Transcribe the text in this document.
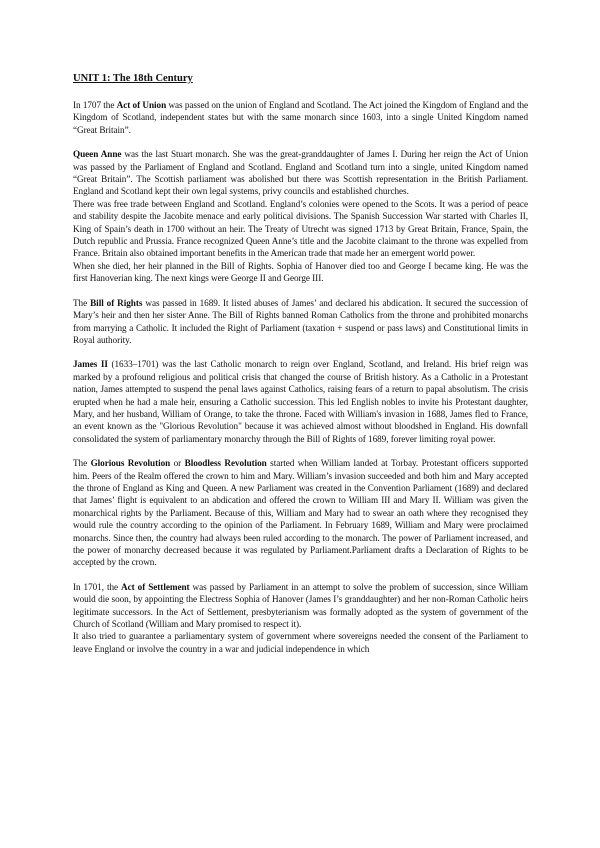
UNIT 1: The 18th Century

In 1707 the Act of Union was passed on the union of England and Scotland. The Act joined the Kingdom of England and the Kingdom of Scotland, independent states but with the same monarch since 1603, into a single United Kingdom named “Great Britain”.

Queen Anne was the last Stuart monarch. She was the great-granddaughter of James I. During her reign the Act of Union was passed by the Parliament of England and Scotland. England and Scotland turn into a single, united Kingdom named “Great Britain”. The Scottish parliament was abolished but there was Scottish representation in the British Parliament. England and Scotland kept their own legal systems, privy councils and established churches.

There was free trade between England and Scotland. England’s colonies were opened to the Scots. It was a period of peace and stability despite the Jacobite menace and early political divisions. The Spanish Succession War started with Charles II, King of Spain’s death in 1700 without an heir. The Treaty of Utrecht was signed 1713 by Great Britain, France, Spain, the Dutch republic and Prussia. France recognized Queen Anne’s title and the Jacobite claimant to the throne was expelled from France. Britain also obtained important benefits in the American trade that made her an emergent world power.

When she died, her heir planned in the Bill of Rights. Sophia of Hanover died too and George I became king. He was the first Hanoverian king. The next kings were George II and George III.

The Bill of Rights was passed in 1689. It listed abuses of James’ and declared his abdication. It secured the succession of Mary’s heir and then her sister Anne. The Bill of Rights banned Roman Catholics from the throne and prohibited monarchs from marrying a Catholic. It included the Right of Parliament (taxation + suspend or pass laws) and Constitutional limits in Royal authority.

James II (1633–1701) was the last Catholic monarch to reign over England, Scotland, and Ireland. His brief reign was marked by a profound religious and political crisis that changed the course of British history. As a Catholic in a Protestant nation, James attempted to suspend the penal laws against Catholics, raising fears of a return to papal absolutism. The crisis erupted when he had a male heir, ensuring a Catholic succession. This led English nobles to invite his Protestant daughter, Mary, and her husband, William of Orange, to take the throne. Faced with William's invasion in 1688, James fled to France, an event known as the "Glorious Revolution" because it was achieved almost without bloodshed in England. His downfall consolidated the system of parliamentary monarchy through the Bill of Rights of 1689, forever limiting royal power.

The Glorious Revolution or Bloodless Revolution started when William landed at Torbay. Protestant officers supported him. Peers of the Realm offered the crown to him and Mary. William’s invasion succeeded and both him and Mary accepted the throne of England as King and Queen. A new Parliament was created in the Convention Parliament (1689) and declared that James’ flight is equivalent to an abdication and offered the crown to William III and Mary II. William was given the monarchical rights by the Parliament. Because of this, William and Mary had to swear an oath where they recognised they would rule the country according to the opinion of the Parliament. In February 1689, William and Mary were proclaimed monarchs. Since then, the country had always been ruled according to the monarch. The power of Parliament increased, and the power of monarchy decreased because it was regulated by Parliament.Parliament drafts a Declaration of Rights to be accepted by the crown.

In 1701, the Act of Settlement was passed by Parliament in an attempt to solve the problem of succession, since William would die soon, by appointing the Electress Sophia of Hanover (James I’s granddaughter) and her non-Roman Catholic heirs legitimate successors. In the Act of Settlement, presbyterianism was formally adopted as the system of government of the Church of Scotland (William and Mary promised to respect it).

It also tried to guarantee a parliamentary system of government where sovereigns needed the consent of the Parliament to leave England or involve the country in a war and judicial independence in which
